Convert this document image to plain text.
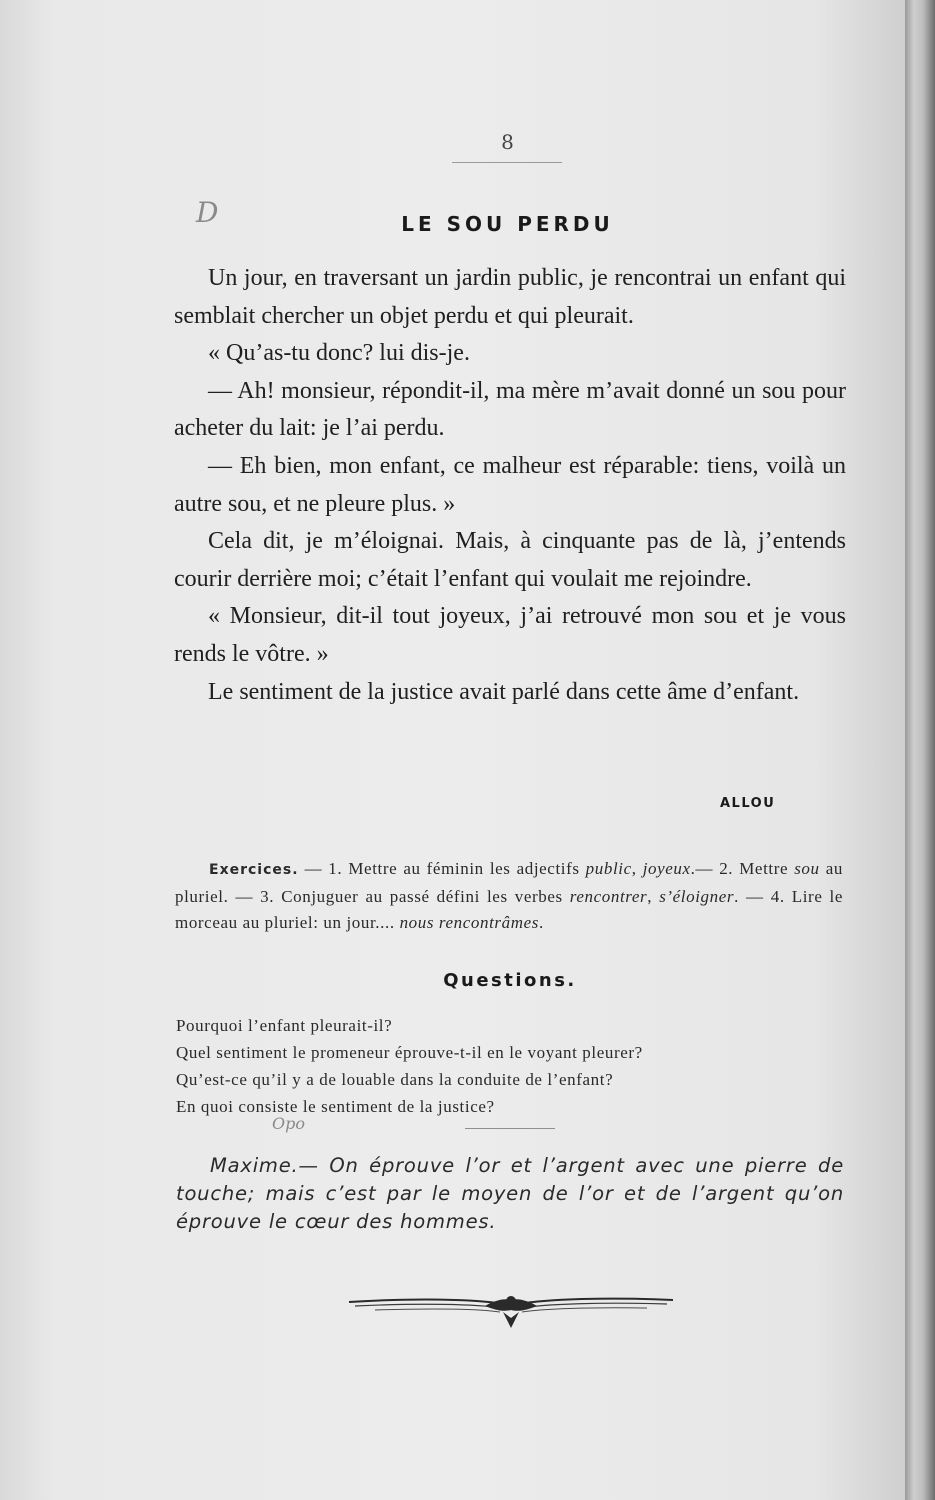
8
D	LE SOU PERDU

Un jour, en traversant un jardin public, je rencontrai un enfant qui semblait chercher un objet perdu et qui pleurait.

« Qu’as-tu donc? lui dis-je.

— Ah! monsieur, répondit-il, ma mère m’avait donné un sou pour acheter du lait: je l’ai perdu.

— Eh bien, mon enfant, ce malheur est réparable: tiens, voilà un autre sou, et ne pleure plus. »

Cela dit, je m’éloignai. Mais, à cinquante pas de là, j’entends courir derrière moi; c’était l’enfant qui voulait me rejoindre.

« Monsieur, dit-il tout joyeux, j’ai retrouvé mon sou et je vous rends le vôtre. »

Le sentiment de la justice avait parlé dans cette âme d’enfant.

ALLOU
Exercices. — 1. Mettre au féminin les adjectifs public, joyeux.— 2. Mettre sou au pluriel. — 3. Conjuguer au passé défini les verbes rencontrer, s’éloigner. — 4. Lire le morceau au pluriel: un jour.... nous rencontrâmes.
Questions.
Pourquoi l’enfant pleurait-il?
Quel sentiment le promeneur éprouve-t-il en le voyant pleurer?
Qu’est-ce qu’il y a de louable dans la conduite de l’enfant?
En quoi consiste le sentiment de la justice?
Opo

Maxime.— On éprouve l’or et l’argent avec une pierre de touche; mais c’est par le moyen de l’or et de l’argent qu’on éprouve le cœur des hommes.
